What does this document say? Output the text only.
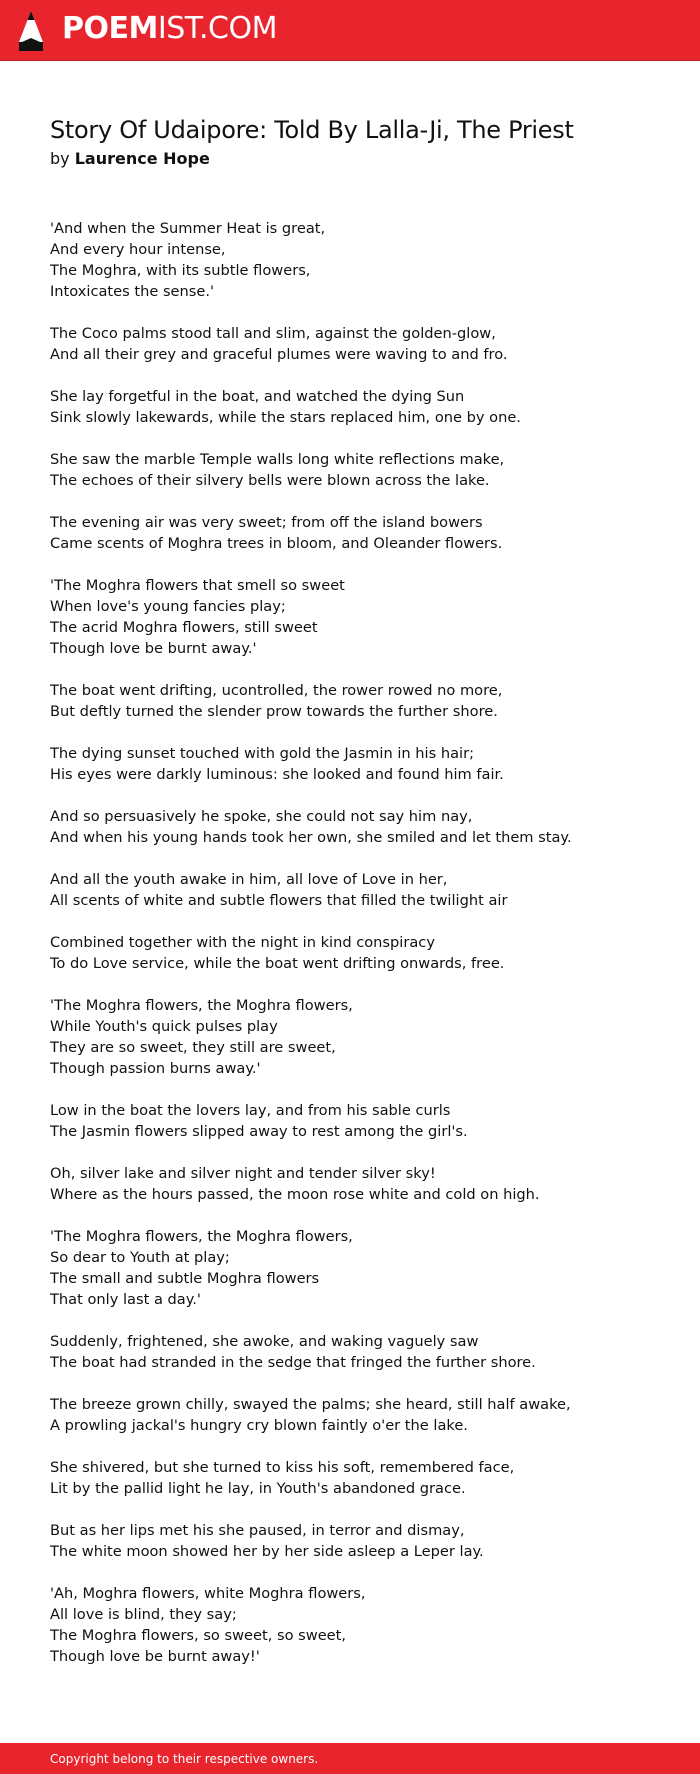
POEMIST.COM
Story Of Udaipore: Told By Lalla-Ji, The Priest
by Laurence Hope
'And when the Summer Heat is great,
And every hour intense,
The Moghra, with its subtle flowers,
Intoxicates the sense.'
The Coco palms stood tall and slim, against the golden-glow,
And all their grey and graceful plumes were waving to and fro.
She lay forgetful in the boat, and watched the dying Sun
Sink slowly lakewards, while the stars replaced him, one by one.
She saw the marble Temple walls long white reflections make,
The echoes of their silvery bells were blown across the lake.
The evening air was very sweet; from off the island bowers
Came scents of Moghra trees in bloom, and Oleander flowers.
'The Moghra flowers that smell so sweet
When love's young fancies play;
The acrid Moghra flowers, still sweet
Though love be burnt away.'
The boat went drifting, ucontrolled, the rower rowed no more,
But deftly turned the slender prow towards the further shore.
The dying sunset touched with gold the Jasmin in his hair;
His eyes were darkly luminous: she looked and found him fair.
And so persuasively he spoke, she could not say him nay,
And when his young hands took her own, she smiled and let them stay.
And all the youth awake in him, all love of Love in her,
All scents of white and subtle flowers that filled the twilight air
Combined together with the night in kind conspiracy
To do Love service, while the boat went drifting onwards, free.
'The Moghra flowers, the Moghra flowers,
While Youth's quick pulses play
They are so sweet, they still are sweet,
Though passion burns away.'
Low in the boat the lovers lay, and from his sable curls
The Jasmin flowers slipped away to rest among the girl's.
Oh, silver lake and silver night and tender silver sky!
Where as the hours passed, the moon rose white and cold on high.
'The Moghra flowers, the Moghra flowers,
So dear to Youth at play;
The small and subtle Moghra flowers
That only last a day.'
Suddenly, frightened, she awoke, and waking vaguely saw
The boat had stranded in the sedge that fringed the further shore.
The breeze grown chilly, swayed the palms; she heard, still half awake,
A prowling jackal's hungry cry blown faintly o'er the lake.
She shivered, but she turned to kiss his soft, remembered face,
Lit by the pallid light he lay, in Youth's abandoned grace.
But as her lips met his she paused, in terror and dismay,
The white moon showed her by her side asleep a Leper lay.
'Ah, Moghra flowers, white Moghra flowers,
All love is blind, they say;
The Moghra flowers, so sweet, so sweet,
Though love be burnt away!'
Copyright belong to their respective owners.
